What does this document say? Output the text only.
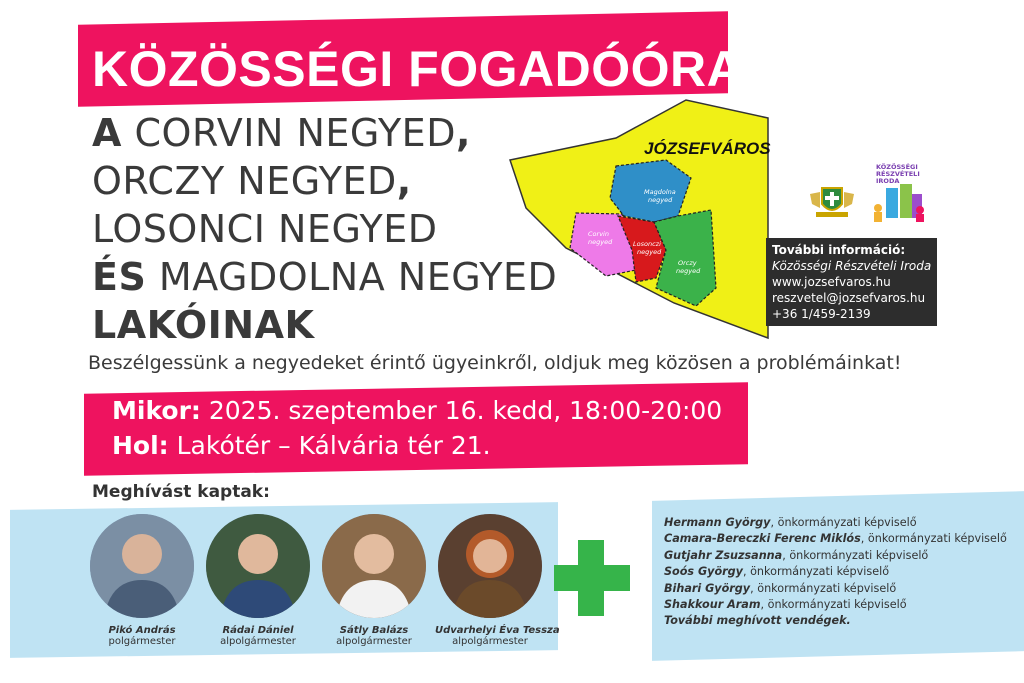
KÖZÖSSÉGI FOGADÓÓRA
A CORVIN NEGYED,
ORCZY NEGYED,
LOSONCI NEGYED
ÉS MAGDOLNA NEGYED
LAKÓINAK
Beszélgessünk a negyedeket érintő ügyeinkről, oldjuk meg közösen a problémáinkat!
JÓZSEFVÁROS
Magdolna
negyed
Corvin
negyed	Losonczi
negyed
Orczy
negyed
KÖZÖSSÉGI
RÉSZVÉTELI
IRODA
További információ:
Közösségi Részvételi Iroda
www.jozsefvaros.hu
reszvetel@jozsefvaros.hu
+36 1/459-2139
Mikor: 2025. szeptember 16. kedd, 18:00-20:00
Hol: Lakótér – Kálvária tér 21.
Meghívást kaptak:
Pikó András
polgármester
Rádai Dániel
alpolgármester
Sátly Balázs
alpolgármester
Udvarhelyi Éva Tessza
alpolgármester
Hermann György, önkormányzati képviselő
Camara-Bereczki Ferenc Miklós, önkormányzati képviselő
Gutjahr Zsuzsanna, önkormányzati képviselő
Soós György, önkormányzati képviselő
Bihari György, önkormányzati képviselő
Shakkour Aram, önkormányzati képviselő
További meghívott vendégek.
